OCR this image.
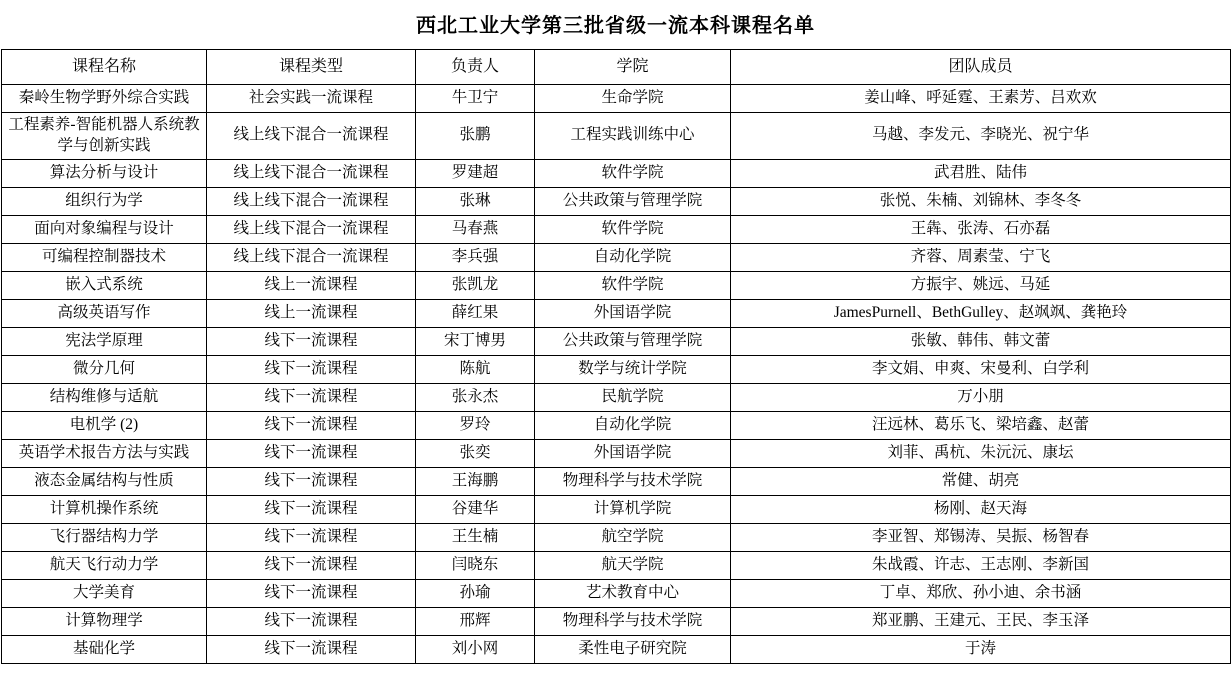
西北工业大学第三批省级一流本科课程名单
课程名称	课程类型	负责人	学院	团队成员
秦岭生物学野外综合实践	社会实践一流课程	牛卫宁	生命学院	姜山峰、呼延霆、王素芳、吕欢欢
工程素养-智能机器人系统教学与创新实践	线上线下混合一流课程	张鹏	工程实践训练中心	马越、李发元、李晓光、祝宁华
算法分析与设计	线上线下混合一流课程	罗建超	软件学院	武君胜、陆伟
组织行为学	线上线下混合一流课程	张琳	公共政策与管理学院	张悦、朱楠、刘锦林、李冬冬
面向对象编程与设计	线上线下混合一流课程	马春燕	软件学院	王犇、张涛、石亦磊
可编程控制器技术	线上线下混合一流课程	李兵强	自动化学院	齐蓉、周素莹、宁飞
嵌入式系统	线上一流课程	张凯龙	软件学院	方振宇、姚远、马延
高级英语写作	线上一流课程	薛红果	外国语学院	JamesPurnell、BethGulley、赵飒飒、龚艳玲
宪法学原理	线下一流课程	宋丁博男	公共政策与管理学院	张敏、韩伟、韩文蕾
微分几何	线下一流课程	陈航	数学与统计学院	李文娟、申爽、宋曼利、白学利
结构维修与适航	线下一流课程	张永杰	民航学院	万小朋
电机学 (2)	线下一流课程	罗玲	自动化学院	汪远林、葛乐飞、梁培鑫、赵蕾
英语学术报告方法与实践	线下一流课程	张奕	外国语学院	刘菲、禹杭、朱沅沅、康坛
液态金属结构与性质	线下一流课程	王海鹏	物理科学与技术学院	常健、胡亮
计算机操作系统	线下一流课程	谷建华	计算机学院	杨刚、赵天海
飞行器结构力学	线下一流课程	王生楠	航空学院	李亚智、郑锡涛、吴振、杨智春
航天飞行动力学	线下一流课程	闫晓东	航天学院	朱战霞、许志、王志刚、李新国
大学美育	线下一流课程	孙瑜	艺术教育中心	丁卓、郑欣、孙小迪、余书涵
计算物理学	线下一流课程	邢辉	物理科学与技术学院	郑亚鹏、王建元、王民、李玉泽
基础化学	线下一流课程	刘小网	柔性电子研究院	于涛
